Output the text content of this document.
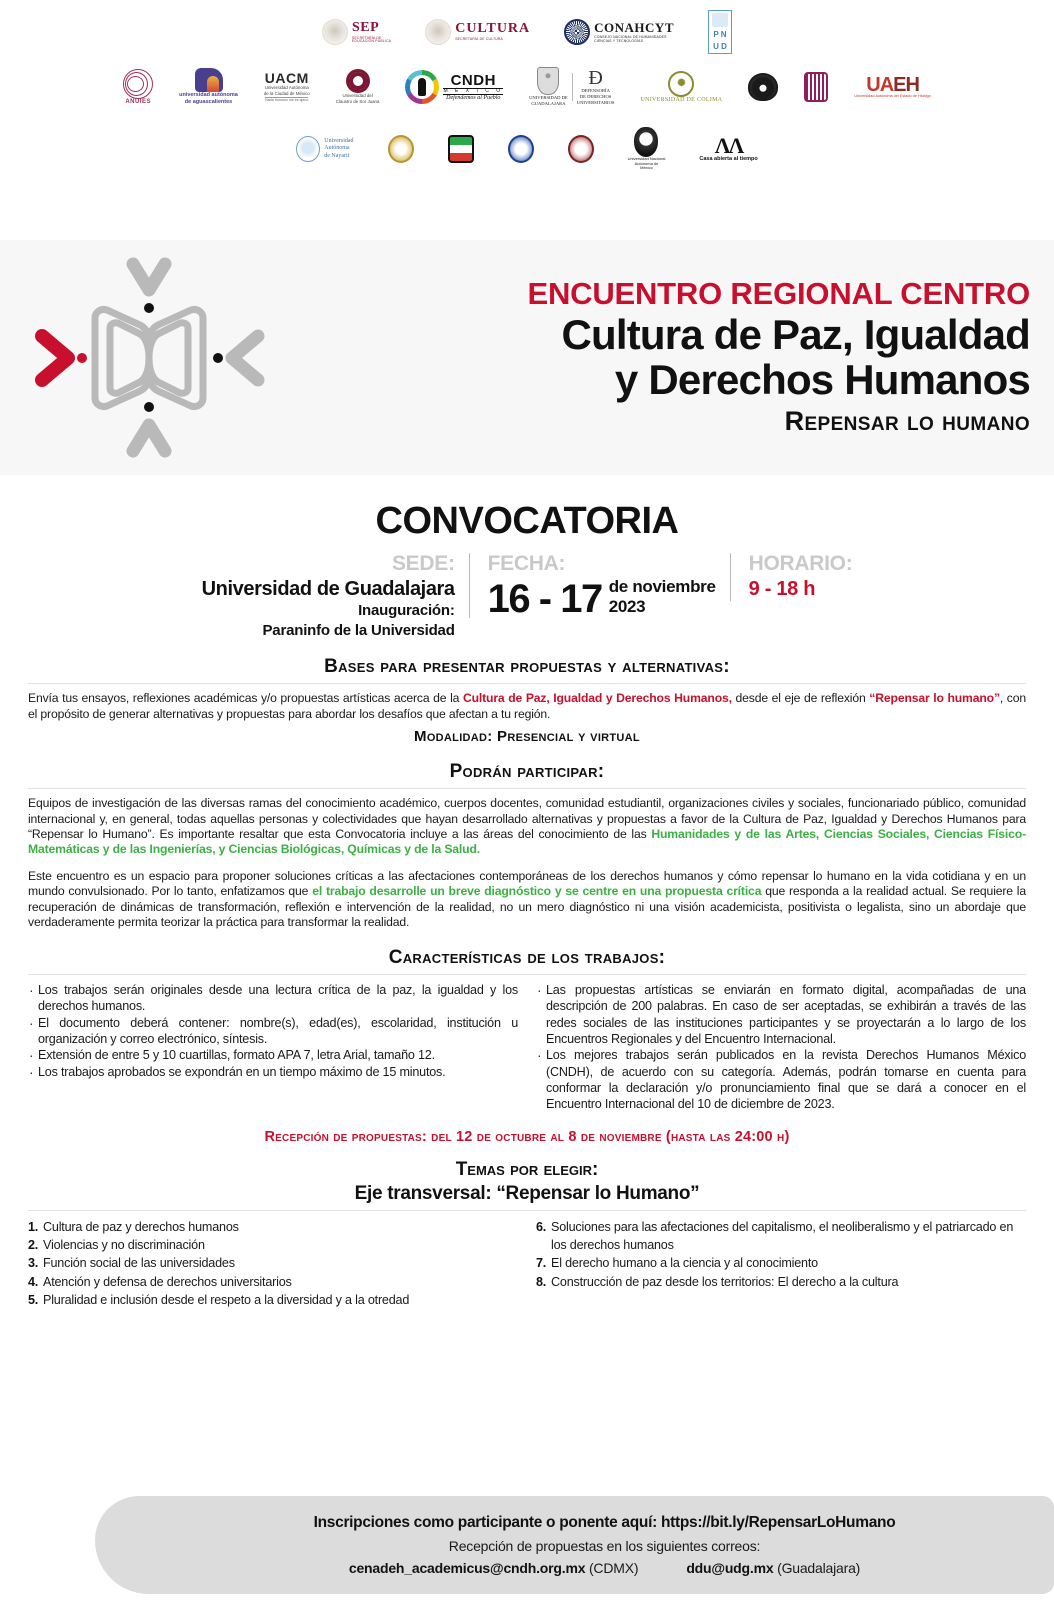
SEP
SECRETARÍA DE
EDUCACIÓN PÚBLICA
CULTURA
SECRETARÍA DE CULTURA
CONAHCYT
CONSEJO NACIONAL DE HUMANIDADES
CIENCIAS Y TECNOLOGÍAS
P N
U D
ANUIES
universidad autónoma
de aguascalientes
UACM
Universidad Autónoma
de la Ciudad de México
Nada humano me es ajeno
Universidad del
Claustro de Sor Juana
CNDH
M É X I C O
Defendemos al Pueblo	UNIVERSIDAD DE
GUADALAJARA
Ɖ
DEFENSORÍA
DE DERECHOS
UNIVERSITARIOS
✺
UNIVERSIDAD DE COLIMA
UAEH
Universidad Autónoma del Estado de Hidalgo
Universidad
Autónoma
de Nayarit	Universidad Nacional
Autónoma de
México
ΛΛ
Casa abierta al tiempo
ENCUENTRO REGIONAL CENTRO
Cultura de Paz, Igualdad
y Derechos Humanos
Repensar lo humano
CONVOCATORIA
SEDE:
Universidad de Guadalajara
Inauguración:
Paraninfo de la Universidad
FECHA:
16 - 17 de noviembre
2023
HORARIO:
9 - 18 h
Bases para presentar propuestas y alternativas:

Envía tus ensayos, reflexiones académicas y/o propuestas artísticas acerca de la Cultura de Paz, Igualdad y Derechos Humanos, desde el eje de reflexión “Repensar lo humano”, con el propósito de generar alternativas y propuestas para abordar los desafíos que afectan a tu región.

Modalidad: Presencial y virtual
Podrán participar:

Equipos de investigación de las diversas ramas del conocimiento académico, cuerpos docentes, comunidad estudiantil, organizaciones civiles y sociales, funcionariado público, comunidad internacional y, en general, todas aquellas personas y colectividades que hayan desarrollado alternativas y propuestas a favor de la Cultura de Paz, Igualdad y Derechos Humanos para “Repensar lo Humano”. Es importante resaltar que esta Convocatoria incluye a las áreas del conocimiento de las Humanidades y de las Artes, Ciencias Sociales, Ciencias Físico-Matemáticas y de las Ingenierías, y Ciencias Biológicas, Químicas y de la Salud.

Este encuentro es un espacio para proponer soluciones críticas a las afectaciones contemporáneas de los derechos humanos y cómo repensar lo humano en la vida cotidiana y en un mundo convulsionado. Por lo tanto, enfatizamos que el trabajo desarrolle un breve diagnóstico y se centre en una propuesta crítica que responda a la realidad actual. Se requiere la recuperación de dinámicas de transformación, reflexión e intervención de la realidad, no un mero diagnóstico ni una visión academicista, positivista o legalista, sino un abordaje que verdaderamente permita teorizar la práctica para transformar la realidad.

Características de los trabajos:
· Los trabajos serán originales desde una lectura crítica de la paz, la igualdad y los derechos humanos.
· El documento deberá contener: nombre(s), edad(es), escolaridad, institución u organización y correo electrónico, síntesis.
· Extensión de entre 5 y 10 cuartillas, formato APA 7, letra Arial, tamaño 12.
· Los trabajos aprobados se expondrán en un tiempo máximo de 15 minutos.
· Las propuestas artísticas se enviarán en formato digital, acompañadas de una descripción de 200 palabras. En caso de ser aceptadas, se exhibirán a través de las redes sociales de las instituciones participantes y se proyectarán a lo largo de los Encuentros Regionales y del Encuentro Internacional.
· Los mejores trabajos serán publicados en la revista Derechos Humanos México (CNDH), de acuerdo con su categoría. Además, podrán tomarse en cuenta para conformar la declaración y/o pronunciamiento final que se dará a conocer en el Encuentro Internacional del 10 de diciembre de 2023.
Recepción de propuestas: del 12 de octubre al 8 de noviembre (hasta las 24:00 h)
Temas por elegir:
Eje transversal: “Repensar lo Humano”
1. Cultura de paz y derechos humanos
2. Violencias y no discriminación
3. Función social de las universidades
4. Atención y defensa de derechos universitarios
5. Pluralidad e inclusión desde el respeto a la diversidad y a la otredad
6. Soluciones para las afectaciones del capitalismo, el neoliberalismo y el patriarcado en los derechos humanos
7. El derecho humano a la ciencia y al conocimiento
8. Construcción de paz desde los territorios: El derecho a la cultura
Inscripciones como participante o ponente aquí: https://bit.ly/RepensarLoHumano
Recepción de propuestas en los siguientes correos:
cenadeh_academicus@cndh.org.mx (CDMX)	ddu@udg.mx (Guadalajara)
